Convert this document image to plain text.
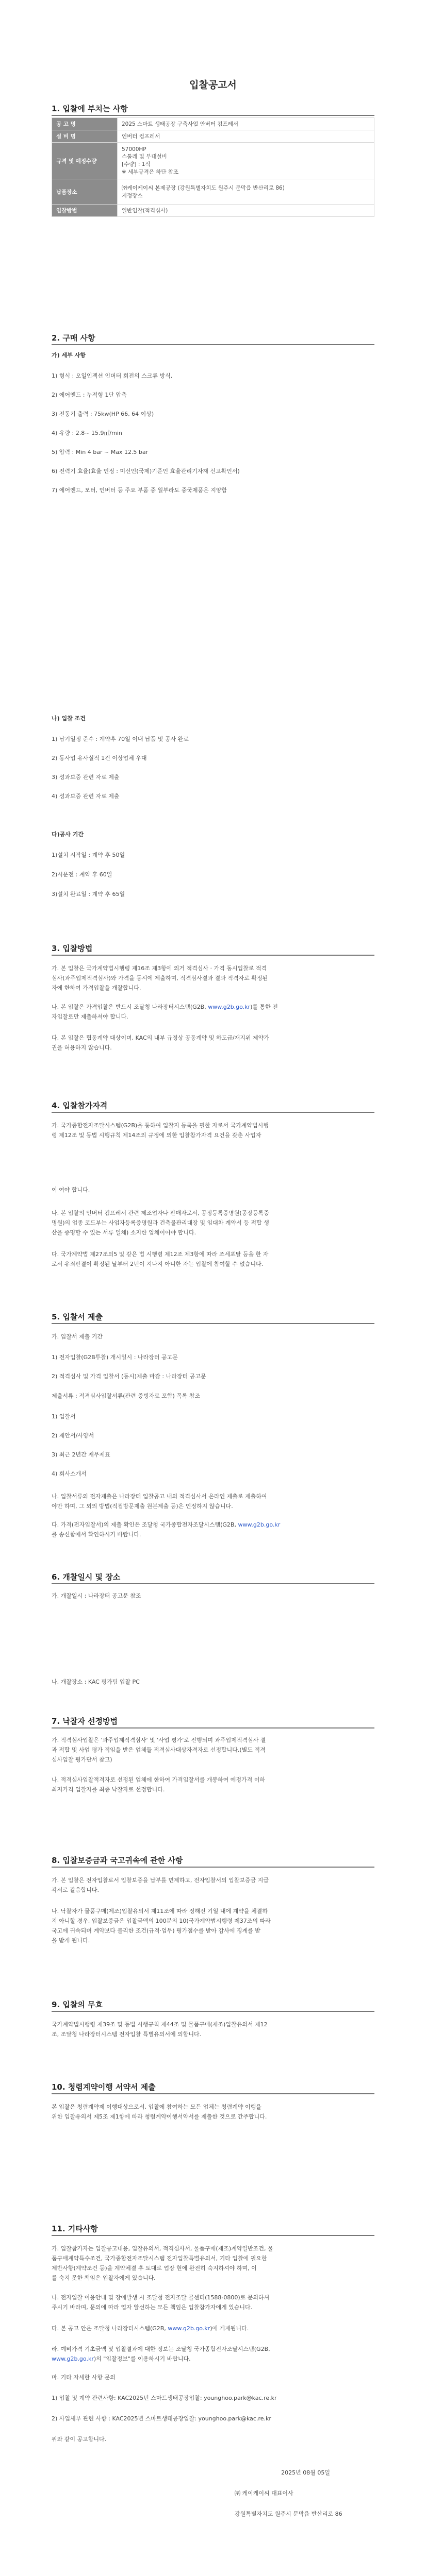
입찰공고서
1. 입찰에 부치는 사항
공 고 명	2025 스마트 생태공장 구축사업 안버터 컴프레서
설 비 명	인버터 컴프레서
규격 및 예정수량	57000HP
스툴레 및 부대설비
[수량] : 1식
※ 세부규격은 하단 참조

납품장소	㈜케이케이씨 본제공장 (강원특별자치도 원주시 문막읍 반산리로 86)
지정장소

입찰방법	일반입찰(적격심사)
2. 구매 사항
가) 세부 사항
1) 형식 : 오일인젝션 인버터 회전의 스크류 방식.
2) 에어엔드 : 누적형 1단 압축
3) 전동기 출력 : 75kw(HP 66, 64 이상)
4) 유량 : 2.8~ 15.9㎥/min
5) 압력 : Min 4 bar ~ Max 12.5 bar
6) 전력기 효율(효율 인정 : 미신인(국제)기준인 효율관리기자재 신고확인서)
7) 에어엔드, 모터, 인버터 등 주요 부품 중 일부라도 중국제품은 지양함
나) 입찰 조건
1) 납기일정 준수 : 계약후 70일 이내 납품 및 공사 완료
2) 동사업 유사실적 1건 이상업체 우대
3) 성과보증 관련 자료 제출
4) 성과보증 관련 자료 제출
다)공사 기간
1)설치 시작일 : 계약 후 50일
2)시운전 : 계약 후 60일
3)설치 완료일 : 계약 후 65일
3. 입찰방법
가. 본 입찰은 국가계약법시행령 제16조 제3항에 의거 적격심사 · 가격 동시입찰로 적격
심사(과주입제적격심사)와 가격을 동시에 제출하며, 적격심사결과 결과 적격자로 확정된
자에 한하여 가격입찰을 개찰합니다.
나. 본 입찰은 가격입찰은 반드시 조달청 나라장터시스템(G2B, www.g2b.go.kr)를 통한 전
자입찰로만 제출하셔야 합니다.
다. 본 입찰은 협동계약 대상이며, KAC의 내부 규정상 공동계약 및 하도급/재지위 제약가
권을 허용하지 않습니다.
4. 입찰참가자격
가. 국가종합전자조달시스템(G2B)을 통하여 입찰지 등록을 필한 자로서 국가계약법시행
령 제12조 및 동법 시행규칙 제14조의 규정에 의한 입찰참가자격 요건을 갖춘 사업자
이 여야 합니다.
나. 본 입찰의 인버터 컴프레서 관련 제조업자나 판매자로서, 공정등록증명원(공장등록증
명원)의 업종 코드부는 사업자등록증명원과 건축물관리대장 및 임대차 계약서 등 적합 생
산을 증명할 수 있는 서류 일체) 소지한 업체이어야 합니다.
다. 국가계약법 제27조의5 및 같은 법 시행령 제12조 제3항에 따라 조세포탈 등을 한 자
로서 유죄판결이 확정된 날부터 2년이 지나지 아니한 자는 입찰에 참여할 수 없습니다.
5. 입찰서 제출
가. 입찰서 제출 기간
1) 전자입찰(G2B투찰) 개시일시 : 나라장터 공고문
2) 적격심사 및 가격 입찰서 (동시)제출 마감 : 나라장터 공고문
제출서류 : 적격심사입찰서류(관련 증빙자료 포함) 목록 참조
1) 입찰서
2) 제안서/사양서
3) 최근 2년간 재무제표
4) 회사소개서
나. 입찰서류의 전자제출은 나라장터 입찰공고 내의 적격심사서 온라인 제출로 제출하여
야만 하며, 그 외의 방법(직접방문제출 원본제출 등)은 인정하지 않습니다.
다. 가격(전자입찰서)의 제출 확인은 조달청 국가종합전자조달시스템(G2B, www.g2b.go.kr
를 송신함에서 확인하시기 바랍니다.
6. 개찰일시 및 장소
가. 개찰일시 : 나라장터 공고문 참조
나. 개찰장소 : KAC 평가팀 입찰 PC
7. 낙찰자 선정방법
가. 적격심사입찰은 '과주입제적격심사' 및 '사업 평가'로 진행되며 과주입제적격심사 결
과 적합 및 사업 평가 적임을 받은 업체들 적격심사대상자격자로 선정합니다.(별도 적격
심사입찰 평가단서 참고)
나. 적격심사입찰적격자로 선정된 업체에 한하여 가격입찰서를 개봉하여 예정가격 이하
최저가격 입찰자를 최종 낙찰자로 선정합니다.
8. 입찰보증금과 국고귀속에 관한 사항
가. 본 입찰은 전자입찰로서 입찰보증을 납부를 면제하고, 전자입찰서의 입찰보증금 지급
각서로 갈음합니다.
나. 낙찰자가 물품구매(제조)입찰유의서 제11조에 따라 정해진 기일 내에 계약을 체결하
지 아니할 경우, 입찰보증금은 입찰금액의 100분의 10(국가계약법시행령 제37조의 따라
국고에 귀속되며 계약보다 불리한 조건(규격·업무) 평가점수를 받아 감사에 징계를 받
을 받게 됩니다.
9. 입찰의 무효
국가계약법시행령 제39조 및 동법 시행규칙 제44조 및 물품구매(제조)입찰유의서 제12
조, 조달청 나라장터시스템 전자입찰 특별유의서에 의합니다.
10. 청렴계약이행 서약서 제출
본 입찰은 청렴계약제 이행대상으로서, 입찰에 참여하는 모든 업체는 청렴계약 이행을
위한 입찰유의서 제5조 제1항에 따라 청렴계약이행서약서를 제출한 것으로 간주합니다.
11. 기타사항
가. 입찰참가자는 입찰공고내용, 입찰유의서, 적격심사서, 물품구매(제조)계약일반조건, 물
품구매계약특수조건, 국가종합전자조달시스템 전자입찰특별유의서, 기타 입찰에 필요한
제반사항(계약조건 등)을 계약체결 후 토대로 업장 현에 완전히 숙지하셔야 하며, 이
를 숙지 못한 책임은 입찰자에게 있습니다.
나. 전자입찰 이용안내 및 장애발생 시 조달청 전자조달 콜센터(1588-0800)로 문의하셔
주시기 바라며, 문의에 따라 업자 알선하는 모든 책임은 입찰참가자에게 있습니다.
다. 본 공고 안은 조달청 나라장터시스템(G2B, www.g2b.go.kr)에 게재됩니다.
라. 예비가격 기초금액 및 입찰결과에 대한 정보는 조달청 국가종합전자조달시스템(G2B,
www.g2b.go.kr)의 "입찰정보"를 이용하시기 바랍니다.
마. 기타 자세한 사항 문의
1) 입찰 및 계약 관련사항: KAC2025년 스마트생태공장입찰: younghoo.park@kac.re.kr
2) 사업세부 관련 사항 : KAC2025년 스마트생태공장입찰: younghoo.park@kac.re.kr
위와 같이 공고합니다.
2025년 08월 05일
㈜ 케이케이씨 대표이사
강원특별자치도 원주시 문막읍 반산리로 86
